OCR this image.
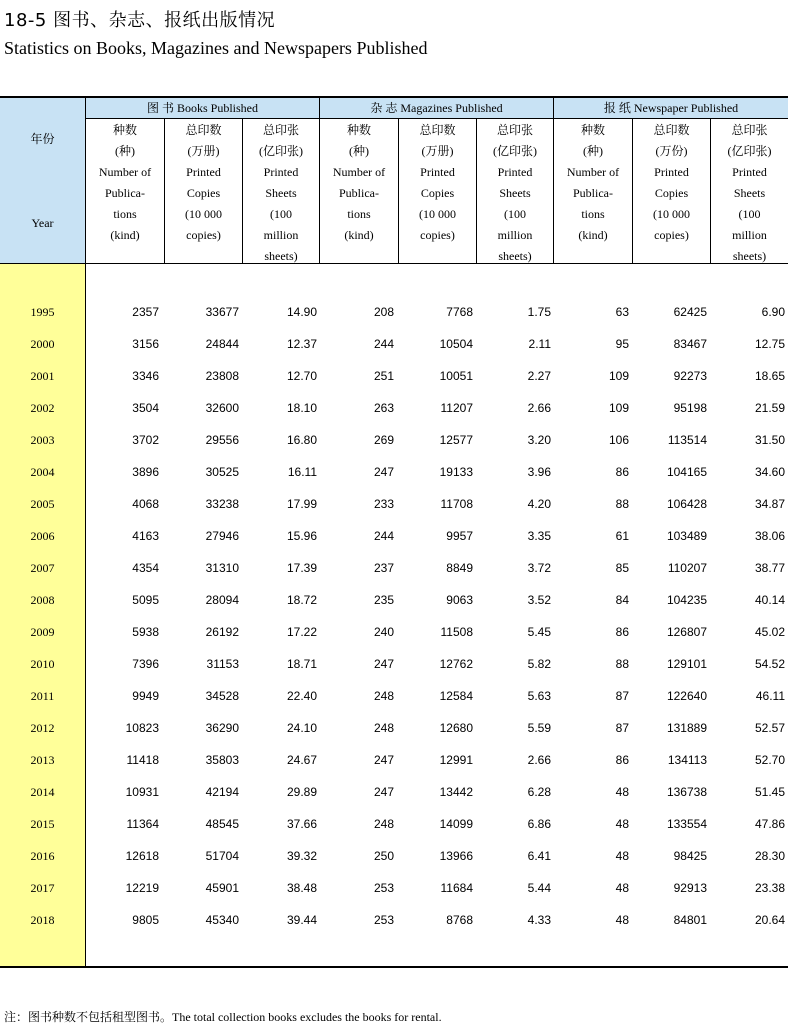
18-5 图书、杂志、报纸出版情况
Statistics on Books, Magazines and Newspapers Published
年份
Year
图 书 Books Published	杂 志 Magazines Published	报 纸 Newspaper Published
种数
(种)
Number of
Publica-
tions
(kind)
总印数
(万册)
Printed
Copies
(10 000
copies)
总印张
(亿印张)
Printed
Sheets
(100
million
sheets)
种数
(种)
Number of
Publica-
tions
(kind)
总印数
(万册)
Printed
Copies
(10 000
copies)
总印张
(亿印张)
Printed
Sheets
(100
million
sheets)
种数
(种)
Number of
Publica-
tions
(kind)
总印数
(万份)
Printed
Copies
(10 000
copies)
总印张
(亿印张)
Printed
Sheets
(100
million
sheets)
1995	2357	33677	14.90	208	7768	1.75	63	62425	6.90
2000	3156	24844	12.37	244	10504	2.11	95	83467	12.75
2001	3346	23808	12.70	251	10051	2.27	109	92273	18.65
2002	3504	32600	18.10	263	11207	2.66	109	95198	21.59
2003	3702	29556	16.80	269	12577	3.20	106	113514	31.50
2004	3896	30525	16.11	247	19133	3.96	86	104165	34.60
2005	4068	33238	17.99	233	11708	4.20	88	106428	34.87
2006	4163	27946	15.96	244	9957	3.35	61	103489	38.06
2007	4354	31310	17.39	237	8849	3.72	85	110207	38.77
2008	5095	28094	18.72	235	9063	3.52	84	104235	40.14
2009	5938	26192	17.22	240	11508	5.45	86	126807	45.02
2010	7396	31153	18.71	247	12762	5.82	88	129101	54.52
2011	9949	34528	22.40	248	12584	5.63	87	122640	46.11
2012	10823	36290	24.10	248	12680	5.59	87	131889	52.57
2013	11418	35803	24.67	247	12991	2.66	86	134113	52.70
2014	10931	42194	29.89	247	13442	6.28	48	136738	51.45
2015	11364	48545	37.66	248	14099	6.86	48	133554	47.86
2016	12618	51704	39.32	250	13966	6.41	48	98425	28.30
2017	12219	45901	38.48	253	11684	5.44	48	92913	23.38
2018	9805	45340	39.44	253	8768	4.33	48	84801	20.64
注：图书种数不包括租型图书。The total collection books excludes the books for rental.
